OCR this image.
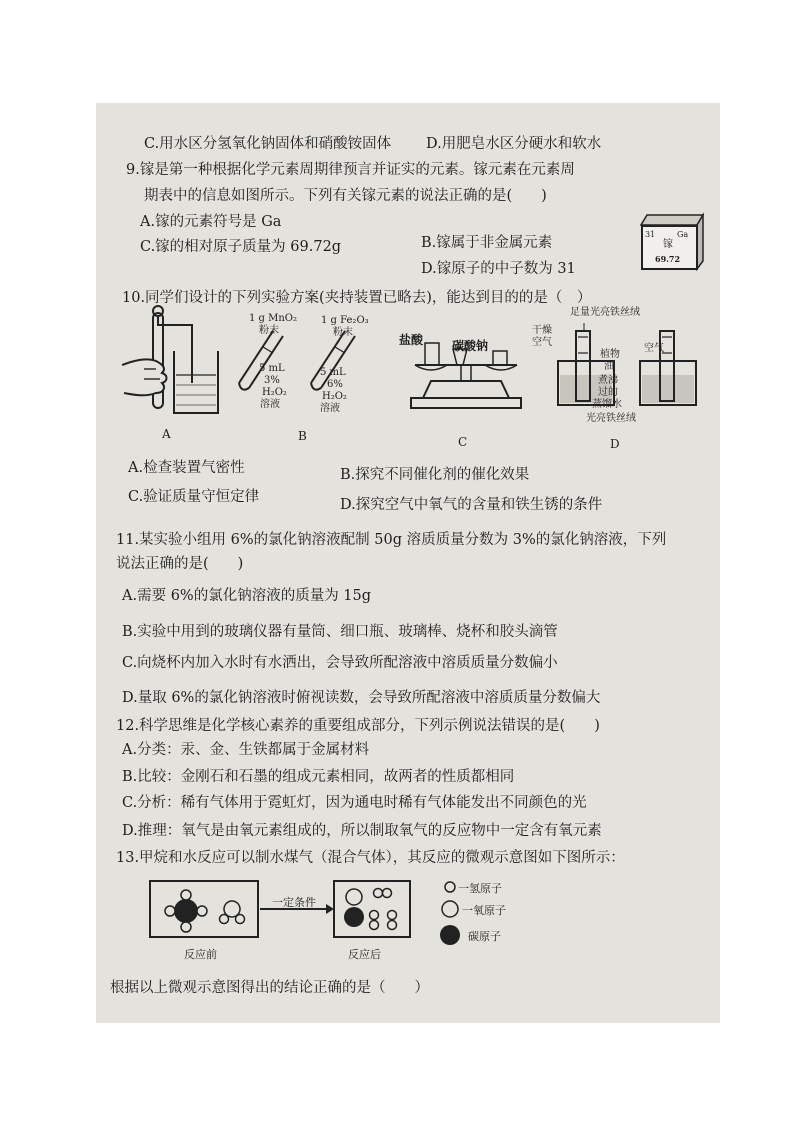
C.用水区分氢氧化钠固体和硝酸铵固体 D.用肥皂水区分硬水和软水
9.镓是第一种根据化学元素周期律预言并证实的元素。镓元素在元素周
期表中的信息如图所示。下列有关镓元素的说法正确的是(　　)
A.镓的元素符号是 Ga
C.镓的相对原子质量为 69.72g	B.镓属于非金属元素
D.镓原子的中子数为 31
31	Ga
镓
69.72
10.同学们设计的下列实验方案(夹持装置已略去)，能达到目的的是（　）
A
1 g MnO₂
粉末
5 mL
3%
H₂O₂
溶液
1 g Fe₂O₃
粉末
5 mL
6%
H₂O₂
溶液
B
盐酸 碳酸钠
C
足量光亮铁丝绒
干燥
空气
植物
油
空气
煮沸
过的
蒸馏水
光亮铁丝绒
D
A.检查装置气密性	B.探究不同催化剂的催化效果
C.验证质量守恒定律	D.探究空气中氧气的含量和铁生锈的条件
11.某实验小组用 6%的氯化钠溶液配制 50g 溶质质量分数为 3%的氯化钠溶液，下列
说法正确的是(　　)
A.需要 6%的氯化钠溶液的质量为 15g
B.实验中用到的玻璃仪器有量筒、细口瓶、玻璃棒、烧杯和胶头滴管
C.向烧杯内加入水时有水洒出，会导致所配溶液中溶质质量分数偏小
D.量取 6%的氯化钠溶液时俯视读数，会导致所配溶液中溶质质量分数偏大
12.科学思维是化学核心素养的重要组成部分，下列示例说法错误的是(　　)
A.分类：汞、金、生铁都属于金属材料
B.比较：金刚石和石墨的组成元素相同，故两者的性质都相同
C.分析：稀有气体用于霓虹灯，因为通电时稀有气体能发出不同颜色的光
D.推理：氧气是由氧元素组成的，所以制取氧气的反应物中一定含有氧元素
13.甲烷和水反应可以制水煤气（混合气体），其反应的微观示意图如下图所示：
一定条件
反应前	反应后
一氢原子
一氧原子
碳原子
根据以上微观示意图得出的结论正确的是（　　）
